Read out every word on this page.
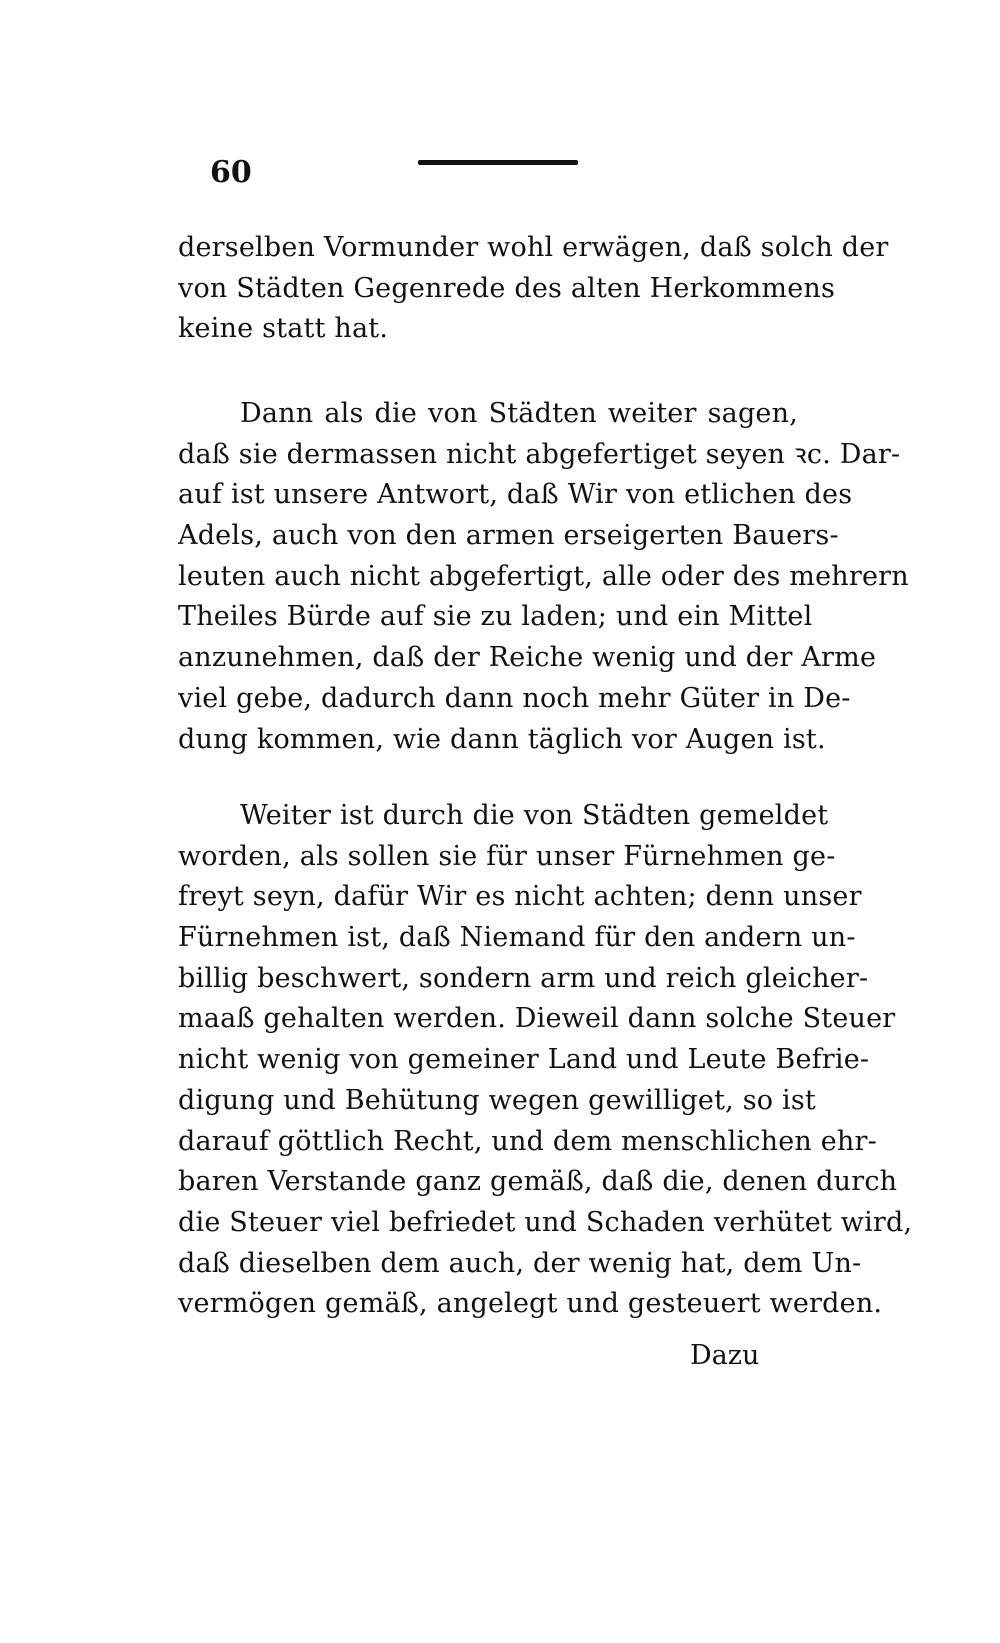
60
derselben Vormunder wohl erwägen, daß solch der
von Städten Gegenrede des alten Herkommens
keine statt hat.
Dann als die von Städten weiter sagen,
daß sie dermassen nicht abgefertiget seyen ꝛc. Dar-
auf ist unsere Antwort, daß Wir von etlichen des
Adels, auch von den armen erseigerten Bauers-
leuten auch nicht abgefertigt, alle oder des mehrern
Theiles Bürde auf sie zu laden; und ein Mittel
anzunehmen, daß der Reiche wenig und der Arme
viel gebe, dadurch dann noch mehr Güter in De-
dung kommen, wie dann täglich vor Augen ist.
Weiter ist durch die von Städten gemeldet
worden, als sollen sie für unser Fürnehmen ge-
freyt seyn, dafür Wir es nicht achten; denn unser
Fürnehmen ist, daß Niemand für den andern un-
billig beschwert, sondern arm und reich gleicher-
maaß gehalten werden. Dieweil dann solche Steuer
nicht wenig von gemeiner Land und Leute Befrie-
digung und Behütung wegen gewilliget, so ist
darauf göttlich Recht, und dem menschlichen ehr-
baren Verstande ganz gemäß, daß die, denen durch
die Steuer viel befriedet und Schaden verhütet wird,
daß dieselben dem auch, der wenig hat, dem Un-
vermögen gemäß, angelegt und gesteuert werden.
Dazu
